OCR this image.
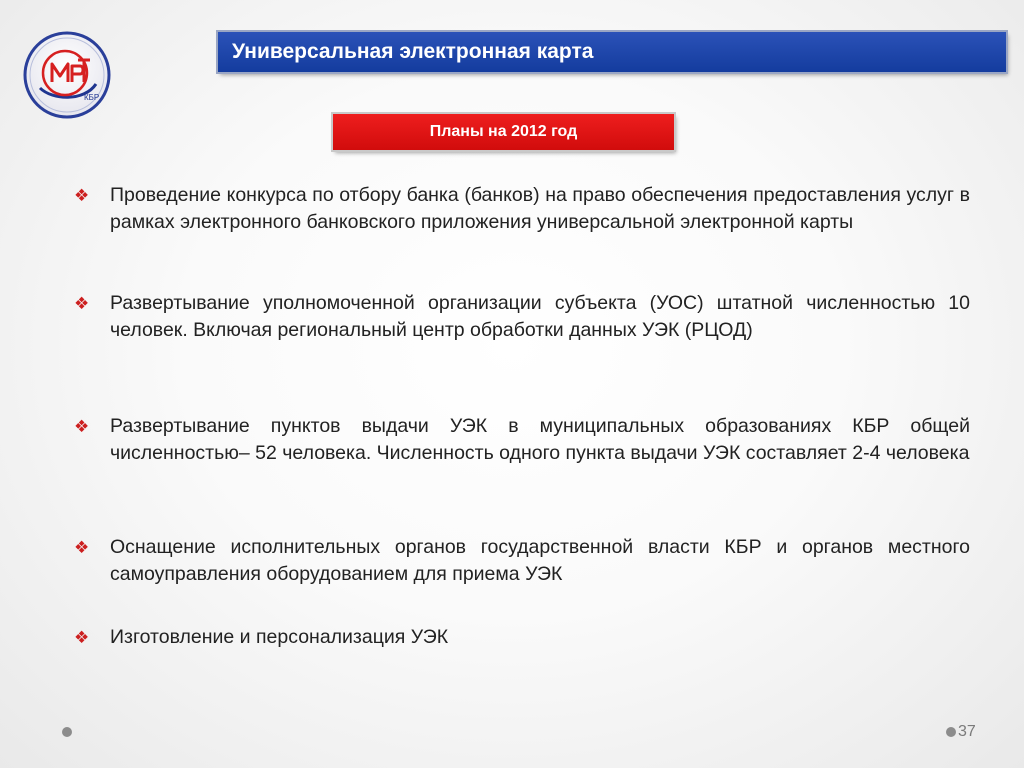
КБР
Универсальная электронная карта
Планы на 2012 год
❖ Проведение конкурса по отбору банка (банков) на право обеспечения предоставления услуг в рамках электронного банковского приложения универсальной электронной карты
❖ Развертывание уполномоченной организации субъекта (УОС) штатной численностью 10 человек. Включая региональный центр обработки данных УЭК (РЦОД)
❖ Развертывание пунктов выдачи УЭК в муниципальных образованиях КБР общей численностью– 52 человека. Численность одного пункта выдачи УЭК составляет 2-4 человека
❖ Оснащение исполнительных органов государственной власти КБР и органов местного самоуправления оборудованием для приема УЭК
❖ Изготовление и персонализация УЭК
37
